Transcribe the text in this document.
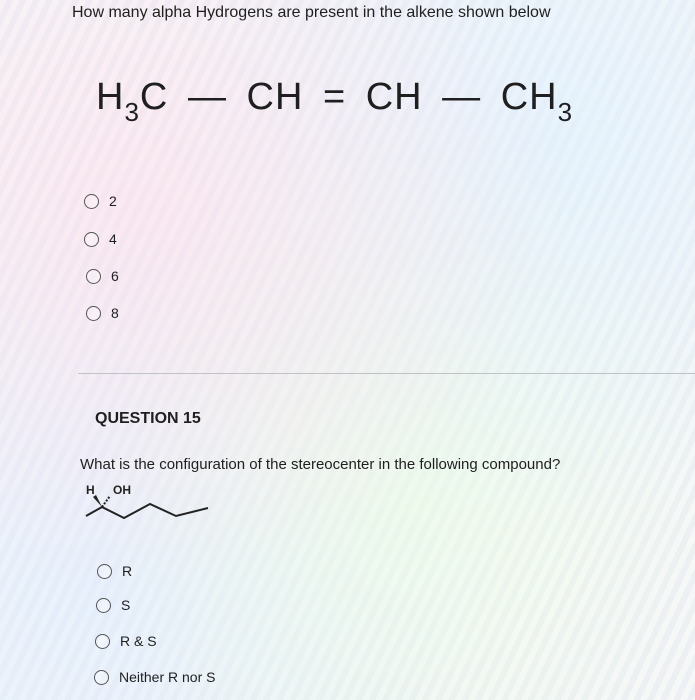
How many alpha Hydrogens are present in the alkene shown below
$H_3C$ — CH = CH — $CH_3$
2
4
6
8
QUESTION 15
What is the configuration of the stereocenter in the following compound?
H OH
R
S
R & S
Neither R nor S
